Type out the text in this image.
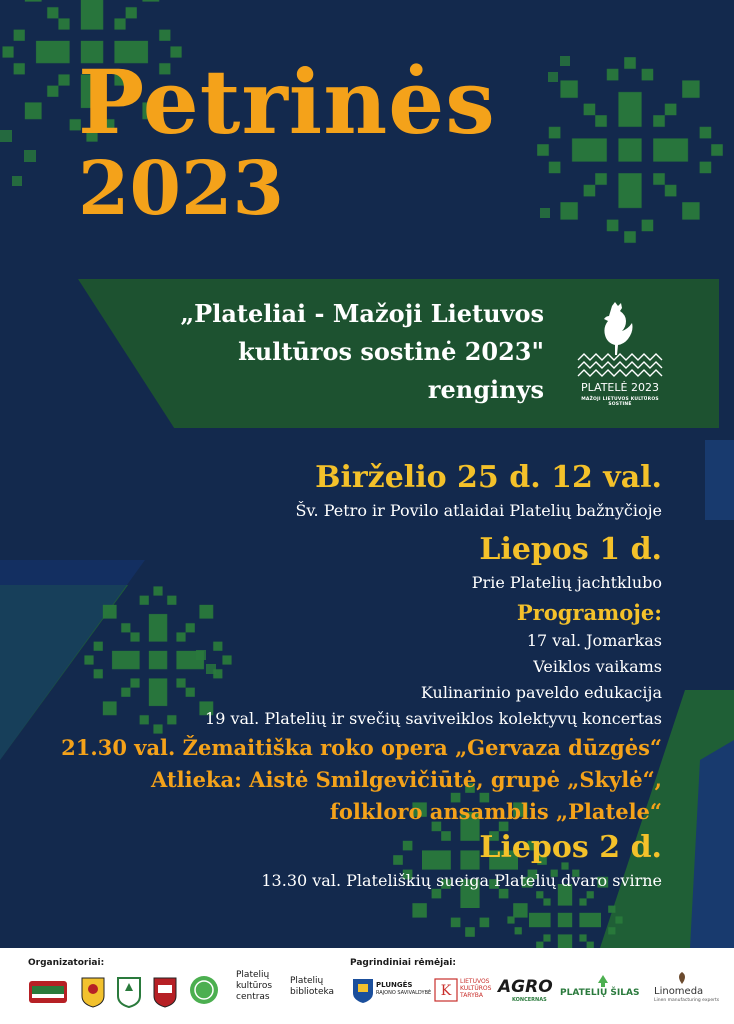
Petrinės
2023
„Plateliai - Mažoji Lietuvos
kultūros sostinė 2023"
renginys	PLATELĖ 2023
MAŽOJI LIETUVOS KULTŪROS SOSTINĖ
Birželio 25 d. 12 val.
Šv. Petro ir Povilo atlaidai Platelių bažnyčioje
Liepos 1 d.
Prie Platelių jachtklubo
Programoje:
17 val. Jomarkas
Veiklos vaikams
Kulinarinio paveldo edukacija
19 val. Platelių ir svečių saviveiklos kolektyvų koncertas
21.30 val. Žemaitiška roko opera „Gervaza dūzgės“
Atlieka: Aistė Smilgevičiūtė, grupė „Skylė“,
folkloro ansamblis „Platele“
Liepos 2 d.
13.30 val. Plateliškių sueiga Platelių dvaro svirne
Organizatoriai:
Platelių
kultūros
centras
Platelių
biblioteka
Pagrindiniai rėmėjai:
PLUNGĖS
RAJONO SAVIVALDYBĖ K
LIETUVOS
KULTŪROS
TARYBA AGRO
KONCERNAS
PLATELIŲ ŠILAS Linomeda
Linen manufacturing experts
